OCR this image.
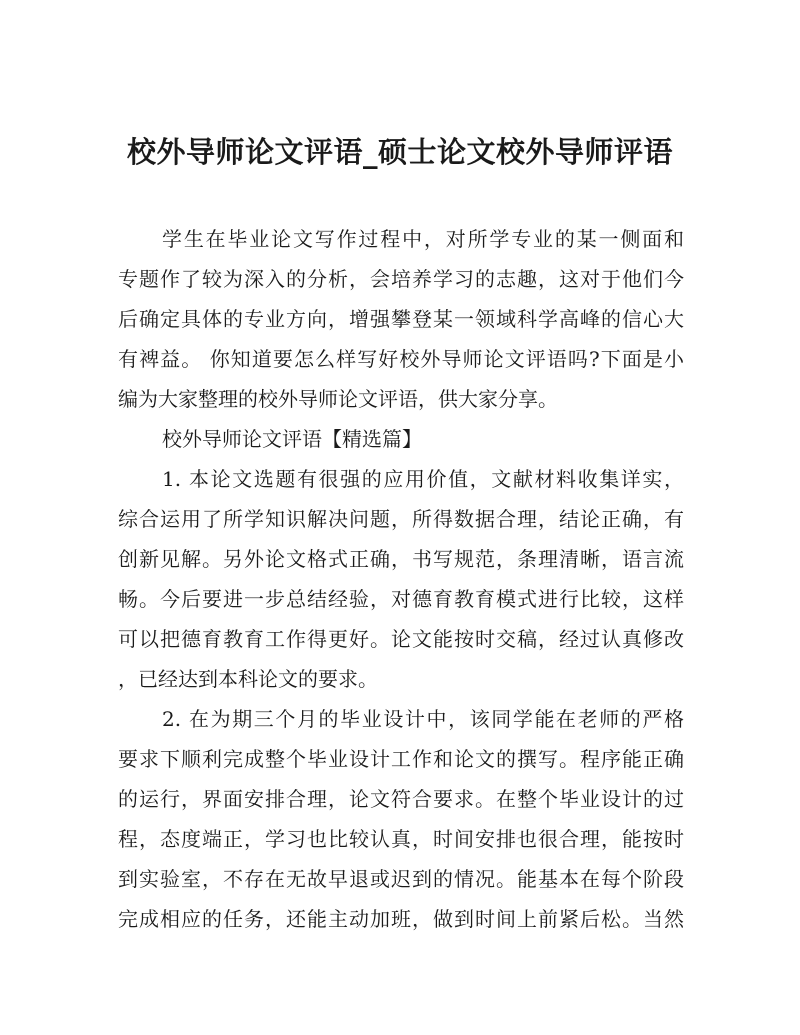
校外导师论文评语_硕士论文校外导师评语
学生在毕业论文写作过程中，对所学专业的某一侧面和
专题作了较为深入的分析，会培养学习的志趣，这对于他们今
后确定具体的专业方向，增强攀登某一领域科学高峰的信心大
有裨益。 你知道要怎么样写好校外导师论文评语吗?下面是小
编为大家整理的校外导师论文评语，供大家分享。
校外导师论文评语【精选篇】
1. 本论文选题有很强的应用价值，文献材料收集详实，
综合运用了所学知识解决问题，所得数据合理，结论正确，有
创新见解。另外论文格式正确，书写规范，条理清晰，语言流
畅。今后要进一步总结经验，对德育教育模式进行比较，这样
可以把德育教育工作得更好。论文能按时交稿，经过认真修改
，已经达到本科论文的要求。
2. 在为期三个月的毕业设计中，该同学能在老师的严格
要求下顺利完成整个毕业设计工作和论文的撰写。程序能正确
的运行，界面安排合理，论文符合要求。在整个毕业设计的过
程，态度端正，学习也比较认真，时间安排也很合理，能按时
到实验室，不存在无故早退或迟到的情况。能基本在每个阶段
完成相应的任务，还能主动加班，做到时间上前紧后松。当然
